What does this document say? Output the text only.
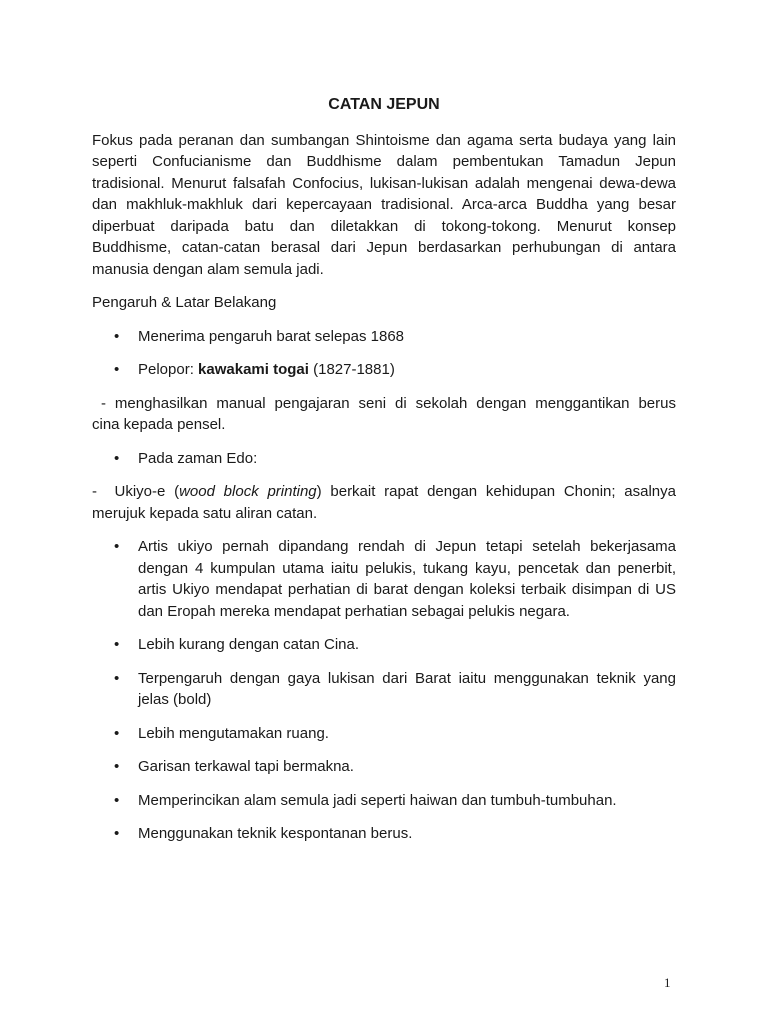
CATAN JEPUN
Fokus pada peranan dan sumbangan Shintoisme dan agama serta budaya yang lain
seperti Confucianisme dan Buddhisme dalam pembentukan Tamadun Jepun
tradisional. Menurut falsafah Confocius, lukisan-lukisan adalah mengenai dewa-dewa
dan makhluk-makhluk dari kepercayaan tradisional. Arca-arca Buddha yang besar
diperbuat daripada batu dan diletakkan di tokong-tokong. Menurut konsep
Buddhisme, catan-catan berasal dari Jepun berdasarkan perhubungan di antara
manusia dengan alam semula jadi.
Pengaruh & Latar Belakang
• Menerima pengaruh barat selepas 1868
• Pelopor: kawakami togai (1827-1881)
- menghasilkan manual pengajaran seni di sekolah dengan menggantikan berus
cina kepada pensel.
• Pada zaman Edo:
-  Ukiyo-e (wood block printing) berkait rapat dengan kehidupan Chonin; asalnya
merujuk kepada satu aliran catan.
• Artis ukiyo pernah dipandang rendah di Jepun tetapi setelah bekerjasama
dengan 4 kumpulan utama iaitu pelukis, tukang kayu, pencetak dan penerbit,
artis Ukiyo mendapat perhatian di barat dengan koleksi terbaik disimpan di US
dan Eropah mereka mendapat perhatian sebagai pelukis negara.
• Lebih kurang dengan catan Cina.
• Terpengaruh dengan gaya lukisan dari Barat iaitu menggunakan teknik yang
jelas (bold)
• Lebih mengutamakan ruang.
• Garisan terkawal tapi bermakna.
• Memperincikan alam semula jadi seperti haiwan dan tumbuh-tumbuhan.
• Menggunakan teknik kespontanan berus.
1
